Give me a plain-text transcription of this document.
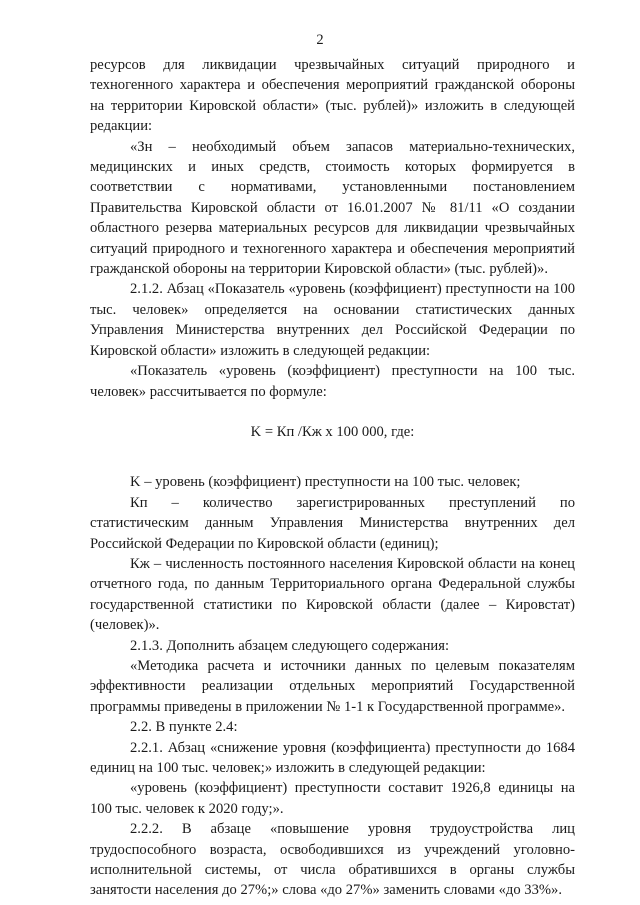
2

ресурсов для ликвидации чрезвычайных ситуаций природного и техногенного характера и обеспечения мероприятий гражданской обороны на территории Кировской области» (тыс. рублей)» изложить в следующей редакции:

«Зн – необходимый объем запасов материально-технических, медицинских и иных средств, стоимость которых формируется в соответствии с нормативами, установленными постановлением Правительства Кировской области от 16.01.2007 № 81/11 «О создании областного резерва материальных ресурсов для ликвидации чрезвычайных ситуаций природного и техногенного характера и обеспечения мероприятий гражданской обороны на территории Кировской области» (тыс. рублей)».

2.1.2. Абзац «Показатель «уровень (коэффициент) преступности на 100 тыс. человек» определяется на основании статистических данных Управления Министерства внутренних дел Российской Федерации по Кировской области» изложить в следующей редакции:

«Показатель «уровень (коэффициент) преступности на 100 тыс. человек» рассчитывается по формуле:

K = Кп /Кж х 100 000, где:

K – уровень (коэффициент) преступности на 100 тыс. человек;

Кп – количество зарегистрированных преступлений по статистическим данным Управления Министерства внутренних дел Российской Федерации по Кировской области (единиц);

Кж – численность постоянного населения Кировской области на конец отчетного года, по данным Территориального органа Федеральной службы государственной статистики по Кировской области (далее – Кировстат) (человек)».

2.1.3. Дополнить абзацем следующего содержания:

«Методика расчета и источники данных по целевым показателям эффективности реализации отдельных мероприятий Государственной программы приведены в приложении № 1-1 к Государственной программе».

2.2. В пункте 2.4:

2.2.1. Абзац «снижение уровня (коэффициента) преступности до 1684 единиц на 100 тыс. человек;» изложить в следующей редакции:

«уровень (коэффициент) преступности составит 1926,8 единицы на 100 тыс. человек к 2020 году;».

2.2.2. В абзаце «повышение уровня трудоустройства лиц трудоспособного возраста, освободившихся из учреждений уголовно-исполнительной системы, от числа обратившихся в органы службы занятости населения до 27%;» слова «до 27%» заменить словами «до 33%».
